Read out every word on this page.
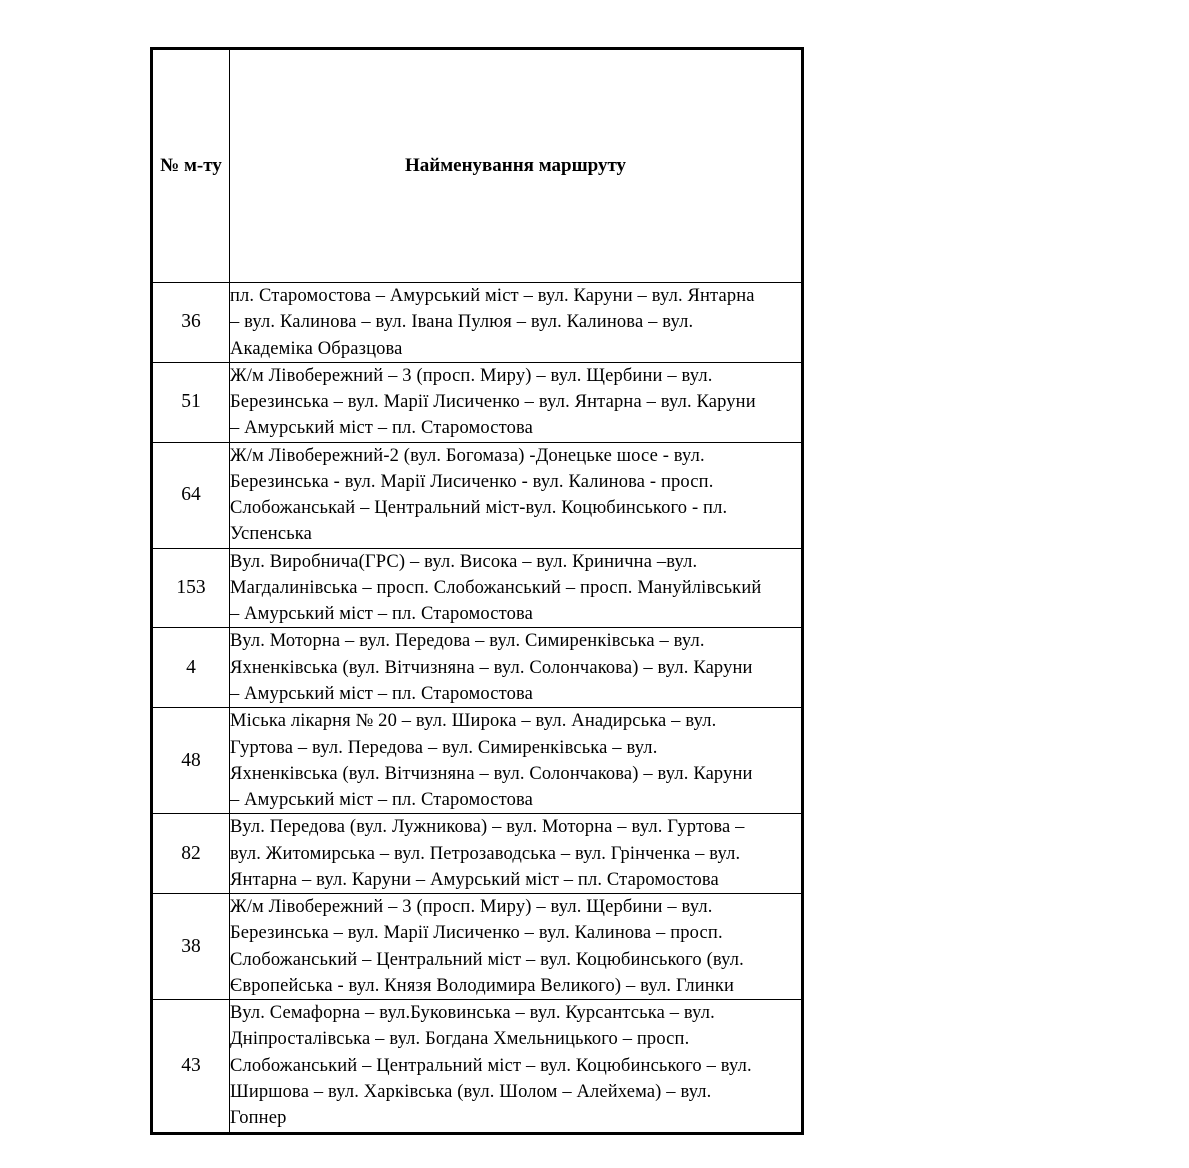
№ м-ту	Найменування маршруту

36	пл. Старомостова – Амурський міст – вул. Каруни – вул. Янтарна
– вул. Калинова – вул. Івана Пулюя – вул. Калинова – вул.
Академіка Образцова

51	Ж/м Лівобережний – 3 (просп. Миру) – вул. Щербини – вул.
Березинська – вул. Марії Лисиченко – вул. Янтарна – вул. Каруни
– Амурський міст – пл. Старомостова

64	Ж/м Лівобережний-2 (вул. Богомаза) -Донецьке шосе - вул.
Березинська - вул. Марії Лисиченко - вул. Калинова - просп.
Слобожанськай – Центральний міст-вул. Коцюбинського - пл.
Успенська

153	Вул. Виробнича(ГРС) – вул. Висока – вул. Кринична –вул.
Магдалинівська – просп. Слобожанський – просп. Мануйлівський
– Амурський міст – пл. Старомостова

4	Вул. Моторна – вул. Передова – вул. Симиренківська – вул.
Яхненківська (вул. Вітчизняна – вул. Солончакова) – вул. Каруни
– Амурський міст – пл. Старомостова

48	Міська лікарня № 20 – вул. Широка – вул. Анадирська – вул.
Гуртова – вул. Передова – вул. Симиренківська – вул.
Яхненківська (вул. Вітчизняна – вул. Солончакова) – вул. Каруни
– Амурський міст – пл. Старомостова

82	Вул. Передова (вул. Лужникова) – вул. Моторна – вул. Гуртова –
вул. Житомирська – вул. Петрозаводська – вул. Грінченка – вул.
Янтарна – вул. Каруни – Амурський міст – пл. Старомостова

38	Ж/м Лівобережний – 3 (просп. Миру) – вул. Щербини – вул.
Березинська – вул. Марії Лисиченко – вул. Калинова – просп.
Слобожанський – Центральний міст – вул. Коцюбинського (вул.
Європейська - вул. Князя Володимира Великого) – вул. Глинки

43	Вул. Семафорна – вул.Буковинська – вул. Курсантська – вул.
Дніпросталівська – вул. Богдана Хмельницького – просп.
Слобожанський – Центральний міст – вул. Коцюбинського – вул.
Ширшова – вул. Харківська (вул. Шолом – Алейхема) – вул.
Гопнер
